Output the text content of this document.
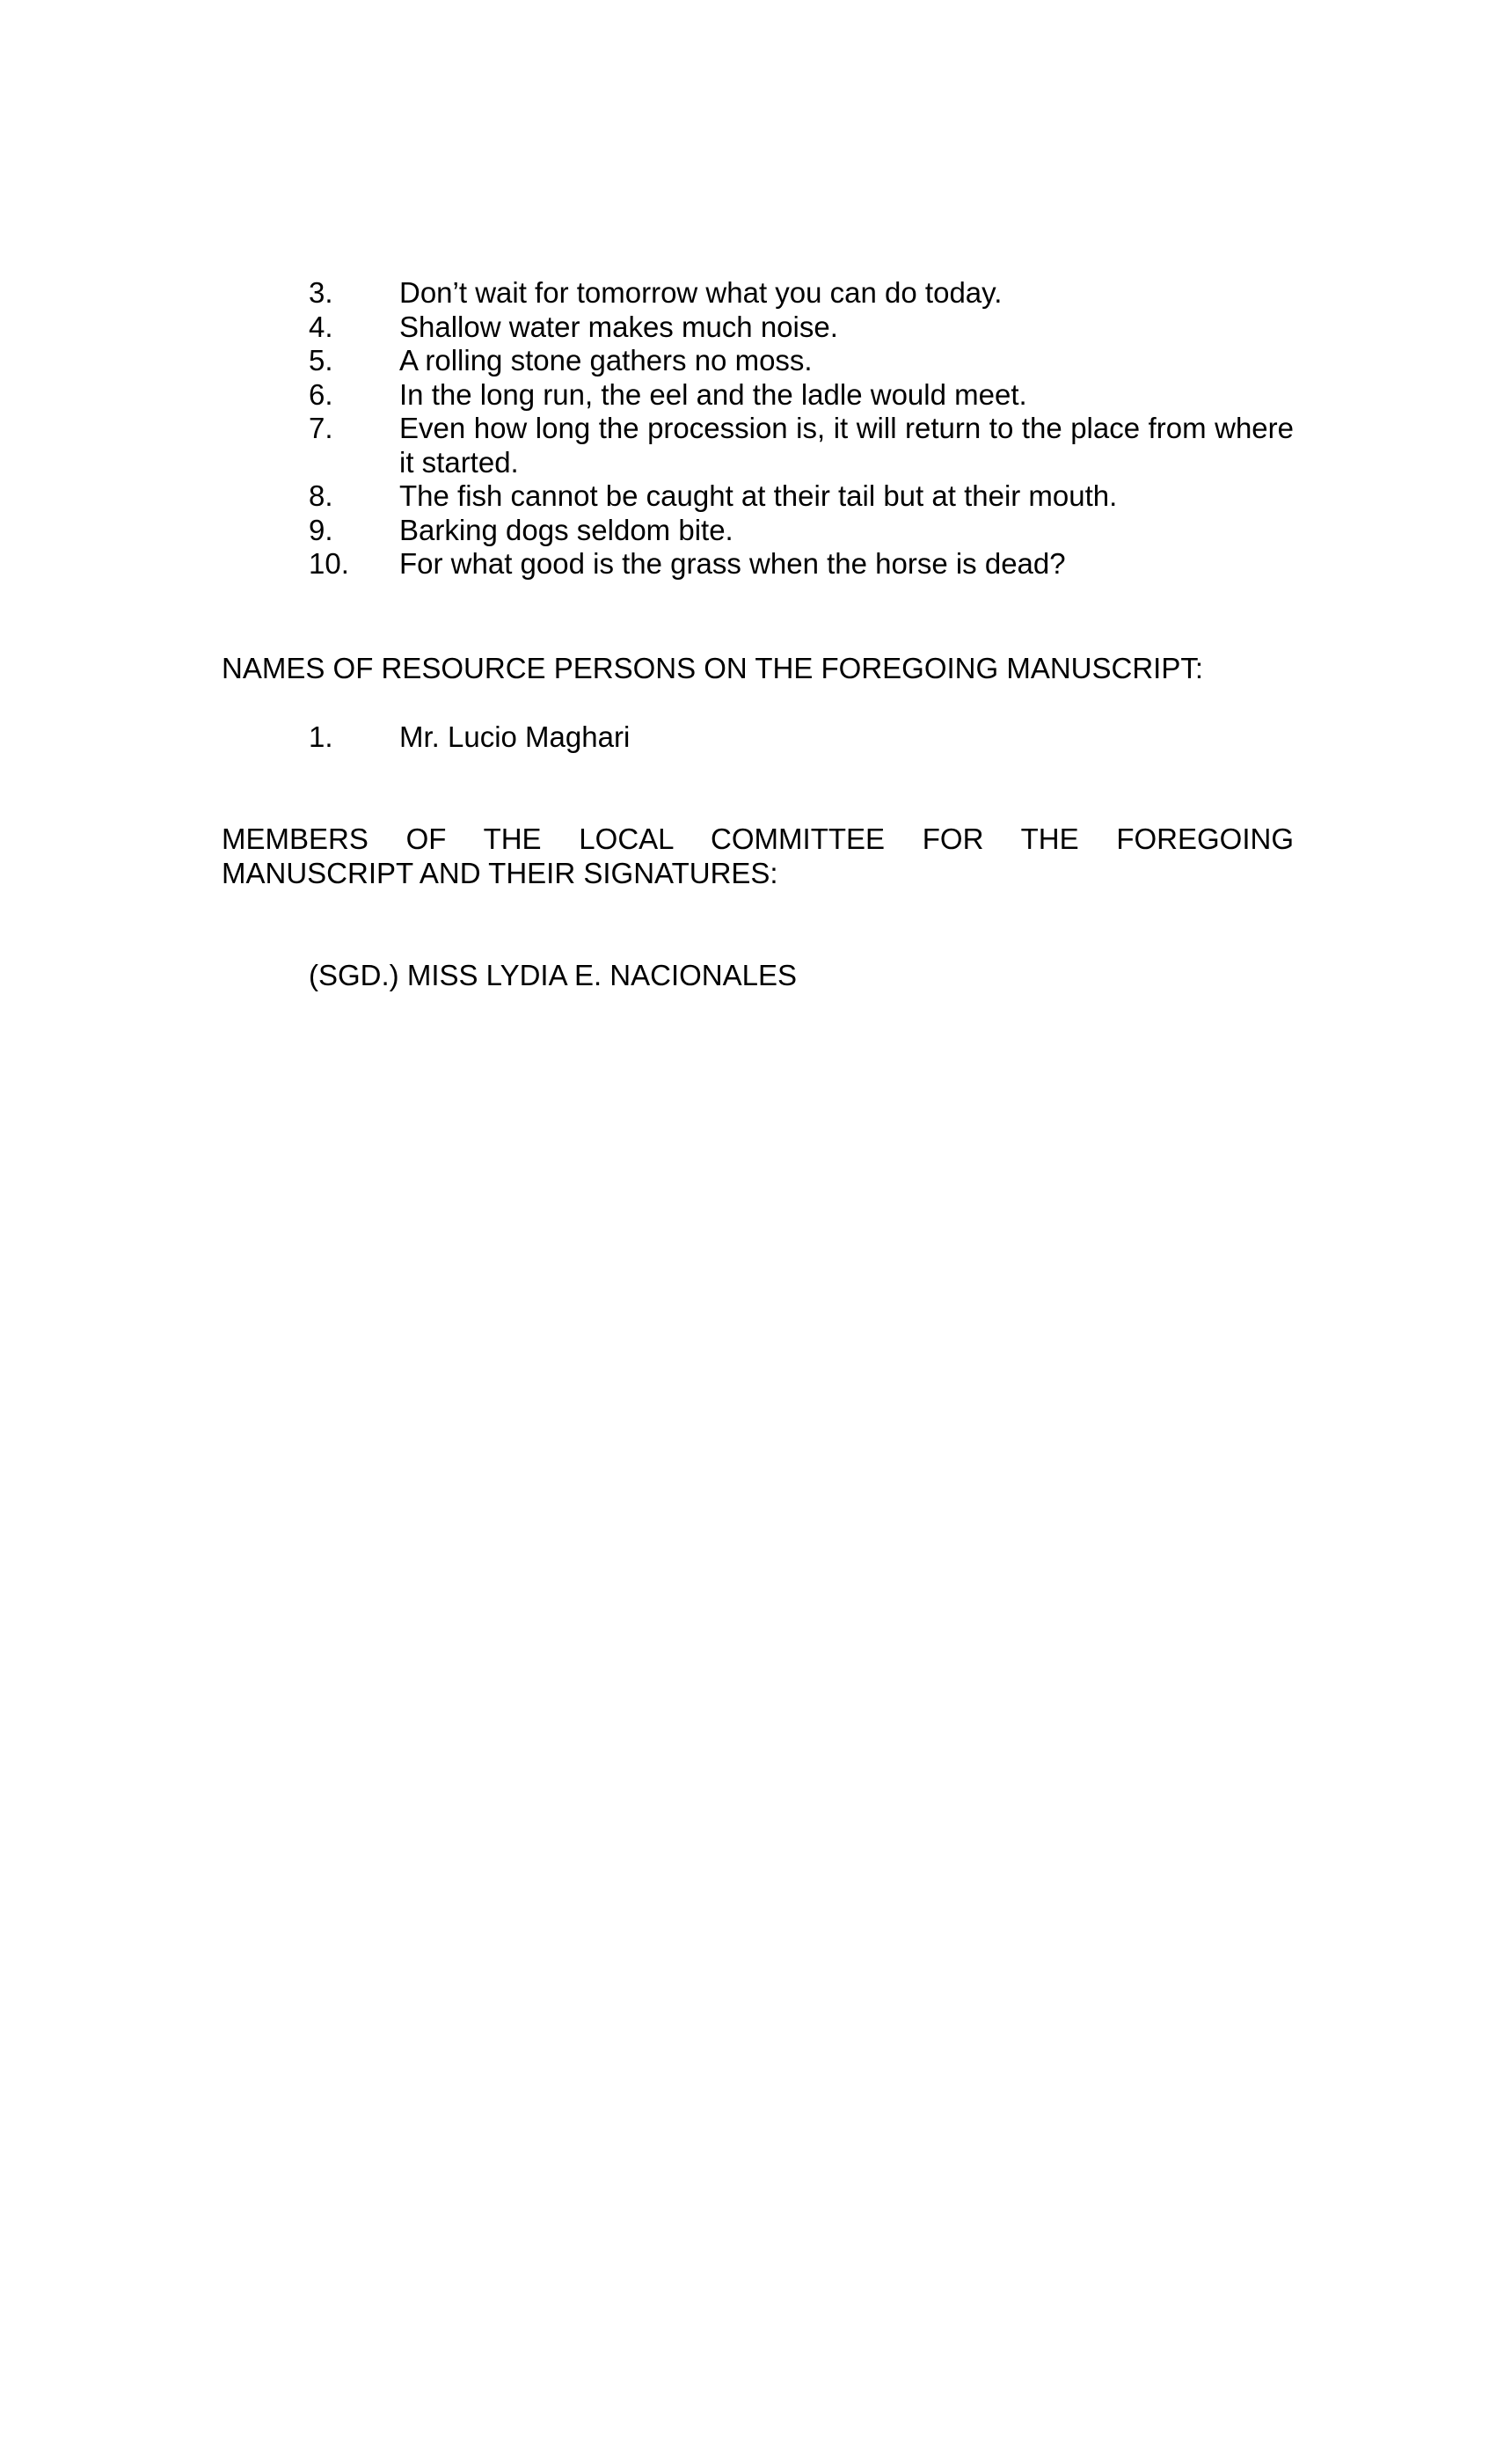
3.	Don’t wait for tomorrow what you can do today.
4.	Shallow water makes much noise.
5.	A rolling stone gathers no moss.
6.	In the long run, the eel and the ladle would meet.
7.	Even how long the procession is, it will return to the place from where it started.
8.	The fish cannot be caught at their tail but at their mouth.
9.	Barking dogs seldom bite.
10.	For what good is the grass when the horse is dead?
NAMES OF RESOURCE PERSONS ON THE FOREGOING MANUSCRIPT:
1.	Mr. Lucio Maghari
MEMBERS OF THE LOCAL COMMITTEE FOR THE FOREGOING
MANUSCRIPT AND THEIR SIGNATURES:

(SGD.) MISS LYDIA E. NACIONALES
